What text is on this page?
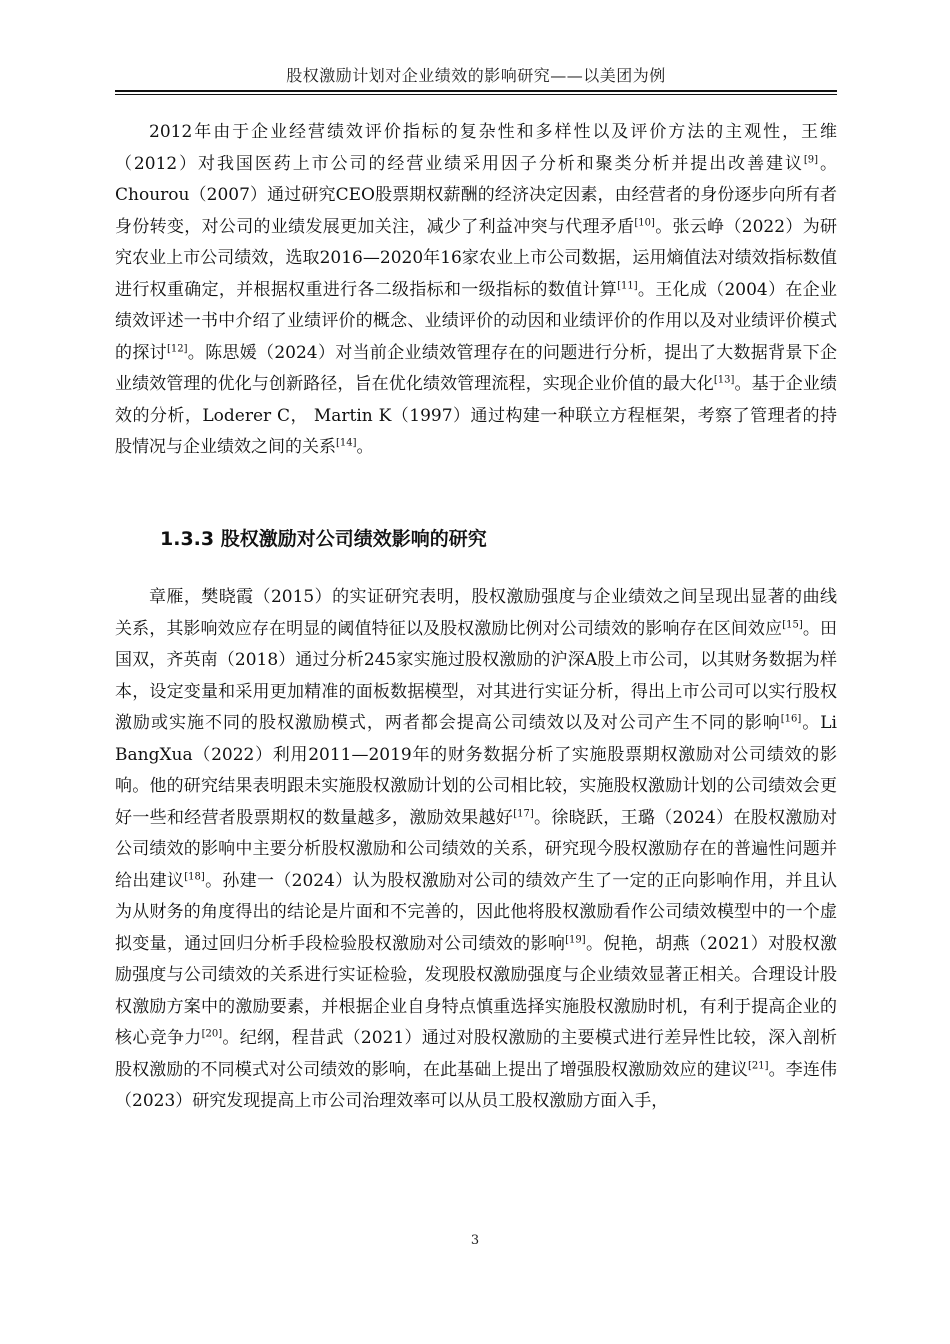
股权激励计划对企业绩效的影响研究——以美团为例

2012年由于企业经营绩效评价指标的复杂性和多样性以及评价方法的主观性，王维（2012）对我国医药上市公司的经营业绩采用因子分析和聚类分析并提出改善建议[9]。Chourou（2007）通过研究CEO股票期权薪酬的经济决定因素，由经营者的身份逐步向所有者身份转变，对公司的业绩发展更加关注，减少了利益冲突与代理矛盾[10]。张云峥（2022）为研究农业上市公司绩效，选取2016—2020年16家农业上市公司数据，运用熵值法对绩效指标数值进行权重确定，并根据权重进行各二级指标和一级指标的数值计算[11]。王化成（2004）在企业绩效评述一书中介绍了业绩评价的概念、业绩评价的动因和业绩评价的作用以及对业绩评价模式的探讨[12]。陈思媛（2024）对当前企业绩效管理存在的问题进行分析，提出了大数据背景下企业绩效管理的优化与创新路径，旨在优化绩效管理流程，实现企业价值的最大化[13]。基于企业绩效的分析，Loderer C， Martin K（1997）通过构建一种联立方程框架，考察了管理者的持股情况与企业绩效之间的关系[14]。

1.3.3 股权激励对公司绩效影响的研究

章雁，樊晓霞（2015）的实证研究表明，股权激励强度与企业绩效之间呈现出显著的曲线关系，其影响效应存在明显的阈值特征以及股权激励比例对公司绩效的影响存在区间效应[15]。田国双，齐英南（2018）通过分析245家实施过股权激励的沪深A股上市公司，以其财务数据为样本，设定变量和采用更加精准的面板数据模型，对其进行实证分析，得出上市公司可以实行股权激励或实施不同的股权激励模式，两者都会提高公司绩效以及对公司产生不同的影响[16]。Li BangXua（2022）利用2011—2019年的财务数据分析了实施股票期权激励对公司绩效的影响。他的研究结果表明跟未实施股权激励计划的公司相比较，实施股权激励计划的公司绩效会更好一些和经营者股票期权的数量越多，激励效果越好[17]。徐晓跃，王璐（2024）在股权激励对公司绩效的影响中主要分析股权激励和公司绩效的关系，研究现今股权激励存在的普遍性问题并给出建议[18]。孙建一（2024）认为股权激励对公司的绩效产生了一定的正向影响作用，并且认为从财务的角度得出的结论是片面和不完善的，因此他将股权激励看作公司绩效模型中的一个虚拟变量，通过回归分析手段检验股权激励对公司绩效的影响[19]。倪艳，胡燕（2021）对股权激励强度与公司绩效的关系进行实证检验，发现股权激励强度与企业绩效显著正相关。合理设计股权激励方案中的激励要素，并根据企业自身特点慎重选择实施股权激励时机，有利于提高企业的核心竞争力[20]。纪纲，程昔武（2021）通过对股权激励的主要模式进行差异性比较，深入剖析股权激励的不同模式对公司绩效的影响，在此基础上提出了增强股权激励效应的建议[21]。李连伟（2023）研究发现提高上市公司治理效率可以从员工股权激励方面入手，

3
